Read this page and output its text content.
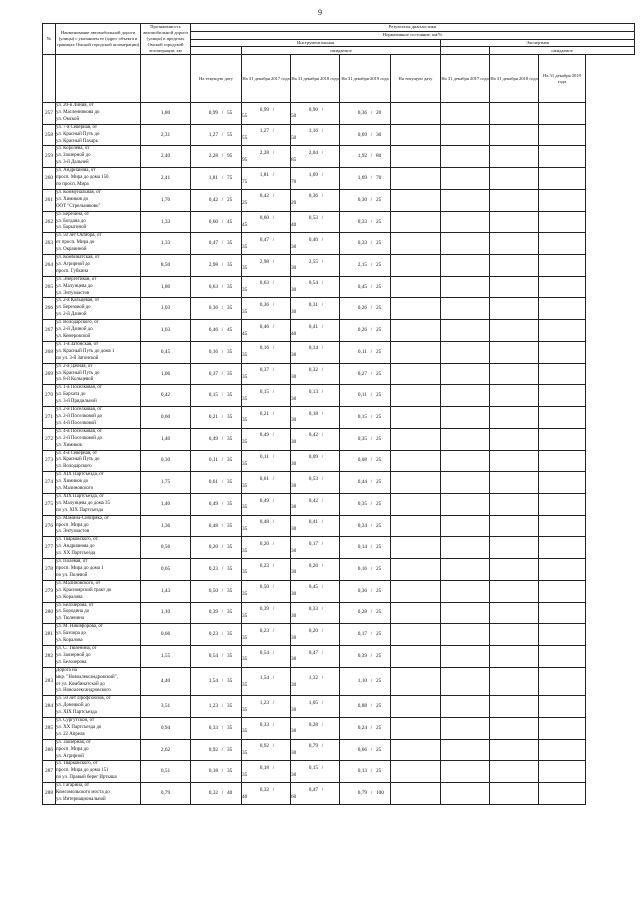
9
№	Наименование автомобильной дороги (улицы) с указанием ее (адрес объекта в границах Омской городской агломерации)	Протяженность автомобильной дороги (улицы) в пределах Омской городской агломерации, км	Результаты диагностики							
			Нормативное состояние, км/%							
			Инструментальная					Экспертная		
				ожидаемое					ожидаемое	
			На текущую дату	На 31 декабря 2017 года	На 31 декабря 2018 года	На 31 декабря 2019 года	На текущую дату	На 31 декабря 2017 года	На 31 декабря 2018 года	На 31 декабря 2019 года
257	ул. 20-я Линия, от
ул. Масленникова до
ул. Омской	1,80	0,99 / 55	0,99 /55	0,90 /50	0,36 / 20				
258	ул. 7-я Северная, от
ул. Красный Путь до
ул. Красный Пахарь	2,31	1,27 / 55	1,27 /55	1,16 /50	0,69 / 30				
259	ул. Королева, от
ул. Заозерной до
ул. 3-й Дальней	2,40	2,28 / 95	2,28 /95	2,04 /85	1,92 / 80				
260	ул. Андрианова, от
просп. Мира до дома 150
по просп. Мира	2,41	1,81 / 75	1,81 /75	1,69 /70	1,69 / 70				
261	ул. Коммунальная, от
ул. Химиков до
ООТ "Стрельниково"	1,70	0,42 / 25	0,42 /25	0,36 /20	0,30 / 25				
262	ул. Березина, от
ул. Богдана до
ул. Барыгиной	1,33	0,60 / 45	0,60 /45	0,53 /40	0,33 / 25				
263	ул. 50 лет Октября, от
от просп. Мира до
ул. Окраинной	1,33	0,47 / 35	0,47 /35	0,40 /30	0,33 / 25				
264	ул. Комбинатская, от
ул. Агрирной до
просп. Губкина	8,50	2,98 / 35	2,98 /35	2,55 /30	2,15 / 25				
265	ул. Энергетиков, от
ул. Малунцева до
ул. Энтузиастов	1,80	0,63 / 35	0,63 /35	0,54 /30	0,45 / 25				
266	ул. 2-я Кольцевая, от
ул. Березовой до
ул. 2-й Дачной	1,03	0,36 / 35	0,36 /35	0,31 /30	0,26 / 25				
267	ул. Володарского, от
ул. 2-й Дачной до
ул. Кемеровской	1,03	0,46 / 45	0,46 /45	0,41 /40	0,26 / 25				
268	ул. 1-я Затонская, от
ул. Красный Путь до дома 1
по ул. 3-й Затонской	0,45	0,16 / 35	0,16 /35	0,14 /30	0,11 / 25				
269	ул. 2-я Дачная, от
ул. Красный Путь до
ул. 8-й Кольцевой	1,06	0,37 / 35	0,37 /35	0,32 /30	0,27 / 25				
270	ул. 1-я Поселковая, от
ул. Бархата до
ул. 3-й Прядильной	0,42	0,15 / 35	0,15 /35	0,13 /30	0,11 / 25				
271	ул. 2-я Поселковая, от
ул. 2-й Поселковой до
ул. 4-й Поселковой	0,60	0,21 / 35	0,21 /35	0,18 /30	0,15 / 25				
272	ул. 4-я Поселковая, от
ул. 2-й Поселковой до
ул. Химиков	1,40	0,49 / 35	0,49 /35	0,42 /30	0,35 / 25				
273	ул. 4-я Северная, от
ул. Красный Путь до
ул. Володарского	0,30	0,11 / 35	0,11 /35	0,09 /30	0,08 / 25				
274	ул. XIX Партсъезда, от
ул. Химиков до
ул. Малиновского	1,75	0,61 / 35	0,61 /35	0,53 /30	0,44 / 25				
275	ул. XIX Партсъезда, от
ул. Малунцева до дома 35
по ул. XIX Партсъезда	1,40	0,49 / 35	0,49 /35	0,42 /30	0,35 / 25				
276	ул. Мамина-Сибиряка, от
просп. Мира до
ул. Энтузиастов	1,36	0,48 / 35	0,48 /35	0,41 /30	0,34 / 25				
277	ул. Тварковского, от
ул. Андрианова до
ул. XX Партсъезда	0,56	0,20 / 35	0,20 /35	0,17 /30	0,14 / 25				
278	ул. Полевая, от
просп. Мира до дома 1
по ул. Полевой	0,65	0,23 / 35	0,23 /35	0,20 /30	0,16 / 25				
279	ул. Малиновского, от
ул. Красноярский тракт до
ул. Коралова	1,43	0,50 / 35	0,50 /35	0,45 /30	0,36 / 25				
280	ул. Белозерова, от
ул. Бородина до
ул. Тюленина	1,10	0,39 / 35	0,39 /35	0,33 /30	0,28 / 25				
281	ул. М. Никифорова, от
ул. Бахчора до
ул. Коралова	0,66	0,23 / 35	0,23 /35	0,20 /30	0,17 / 25				
282	ул. С. Тюленина, от
ул. Заозерной до
ул. Белозерова	1,55	0,54 / 35	0,54 /35	0,47 /30	0,39 / 25				
283	Дорога на
мкр. "Новоалександровский",
от ул. Комбинатской до
ул. Новоалександровского	4,40	1,54 / 35	1,54 /35	1,32 /30	1,10 / 25				
284	ул. 50 лет Профсоюзов, от
ул. Донецкой до
ул. XIX Партсъезда	3,51	1,23 / 35	1,23 /35	1,05 /30	0,88 / 25				
285	ул. Сургутской, от
ул. XX Партсъезда до
ул. 22 Апреля	0,94	0,33 / 35	0,33 /35	0,28 /30	0,24 / 25				
286	ул. Заозерная, от
просп. Мира до
ул. Агрирной	2,62	0,92 / 35	0,92 /35	0,79 /30	0,66 / 25				
287	ул. Тварковского, от
просп. Мира до дома 151
по ул. Правый берег Иртыша	0,51	0,18 / 35	0,18 /35	0,15 /30	0,13 / 25				
288	ул. Гагарина, от
Комсомольского моста до
ул. Интернациональной	0,79	0,32 / 40	0,32 /40	0,47 /60	0,79 / 100				
